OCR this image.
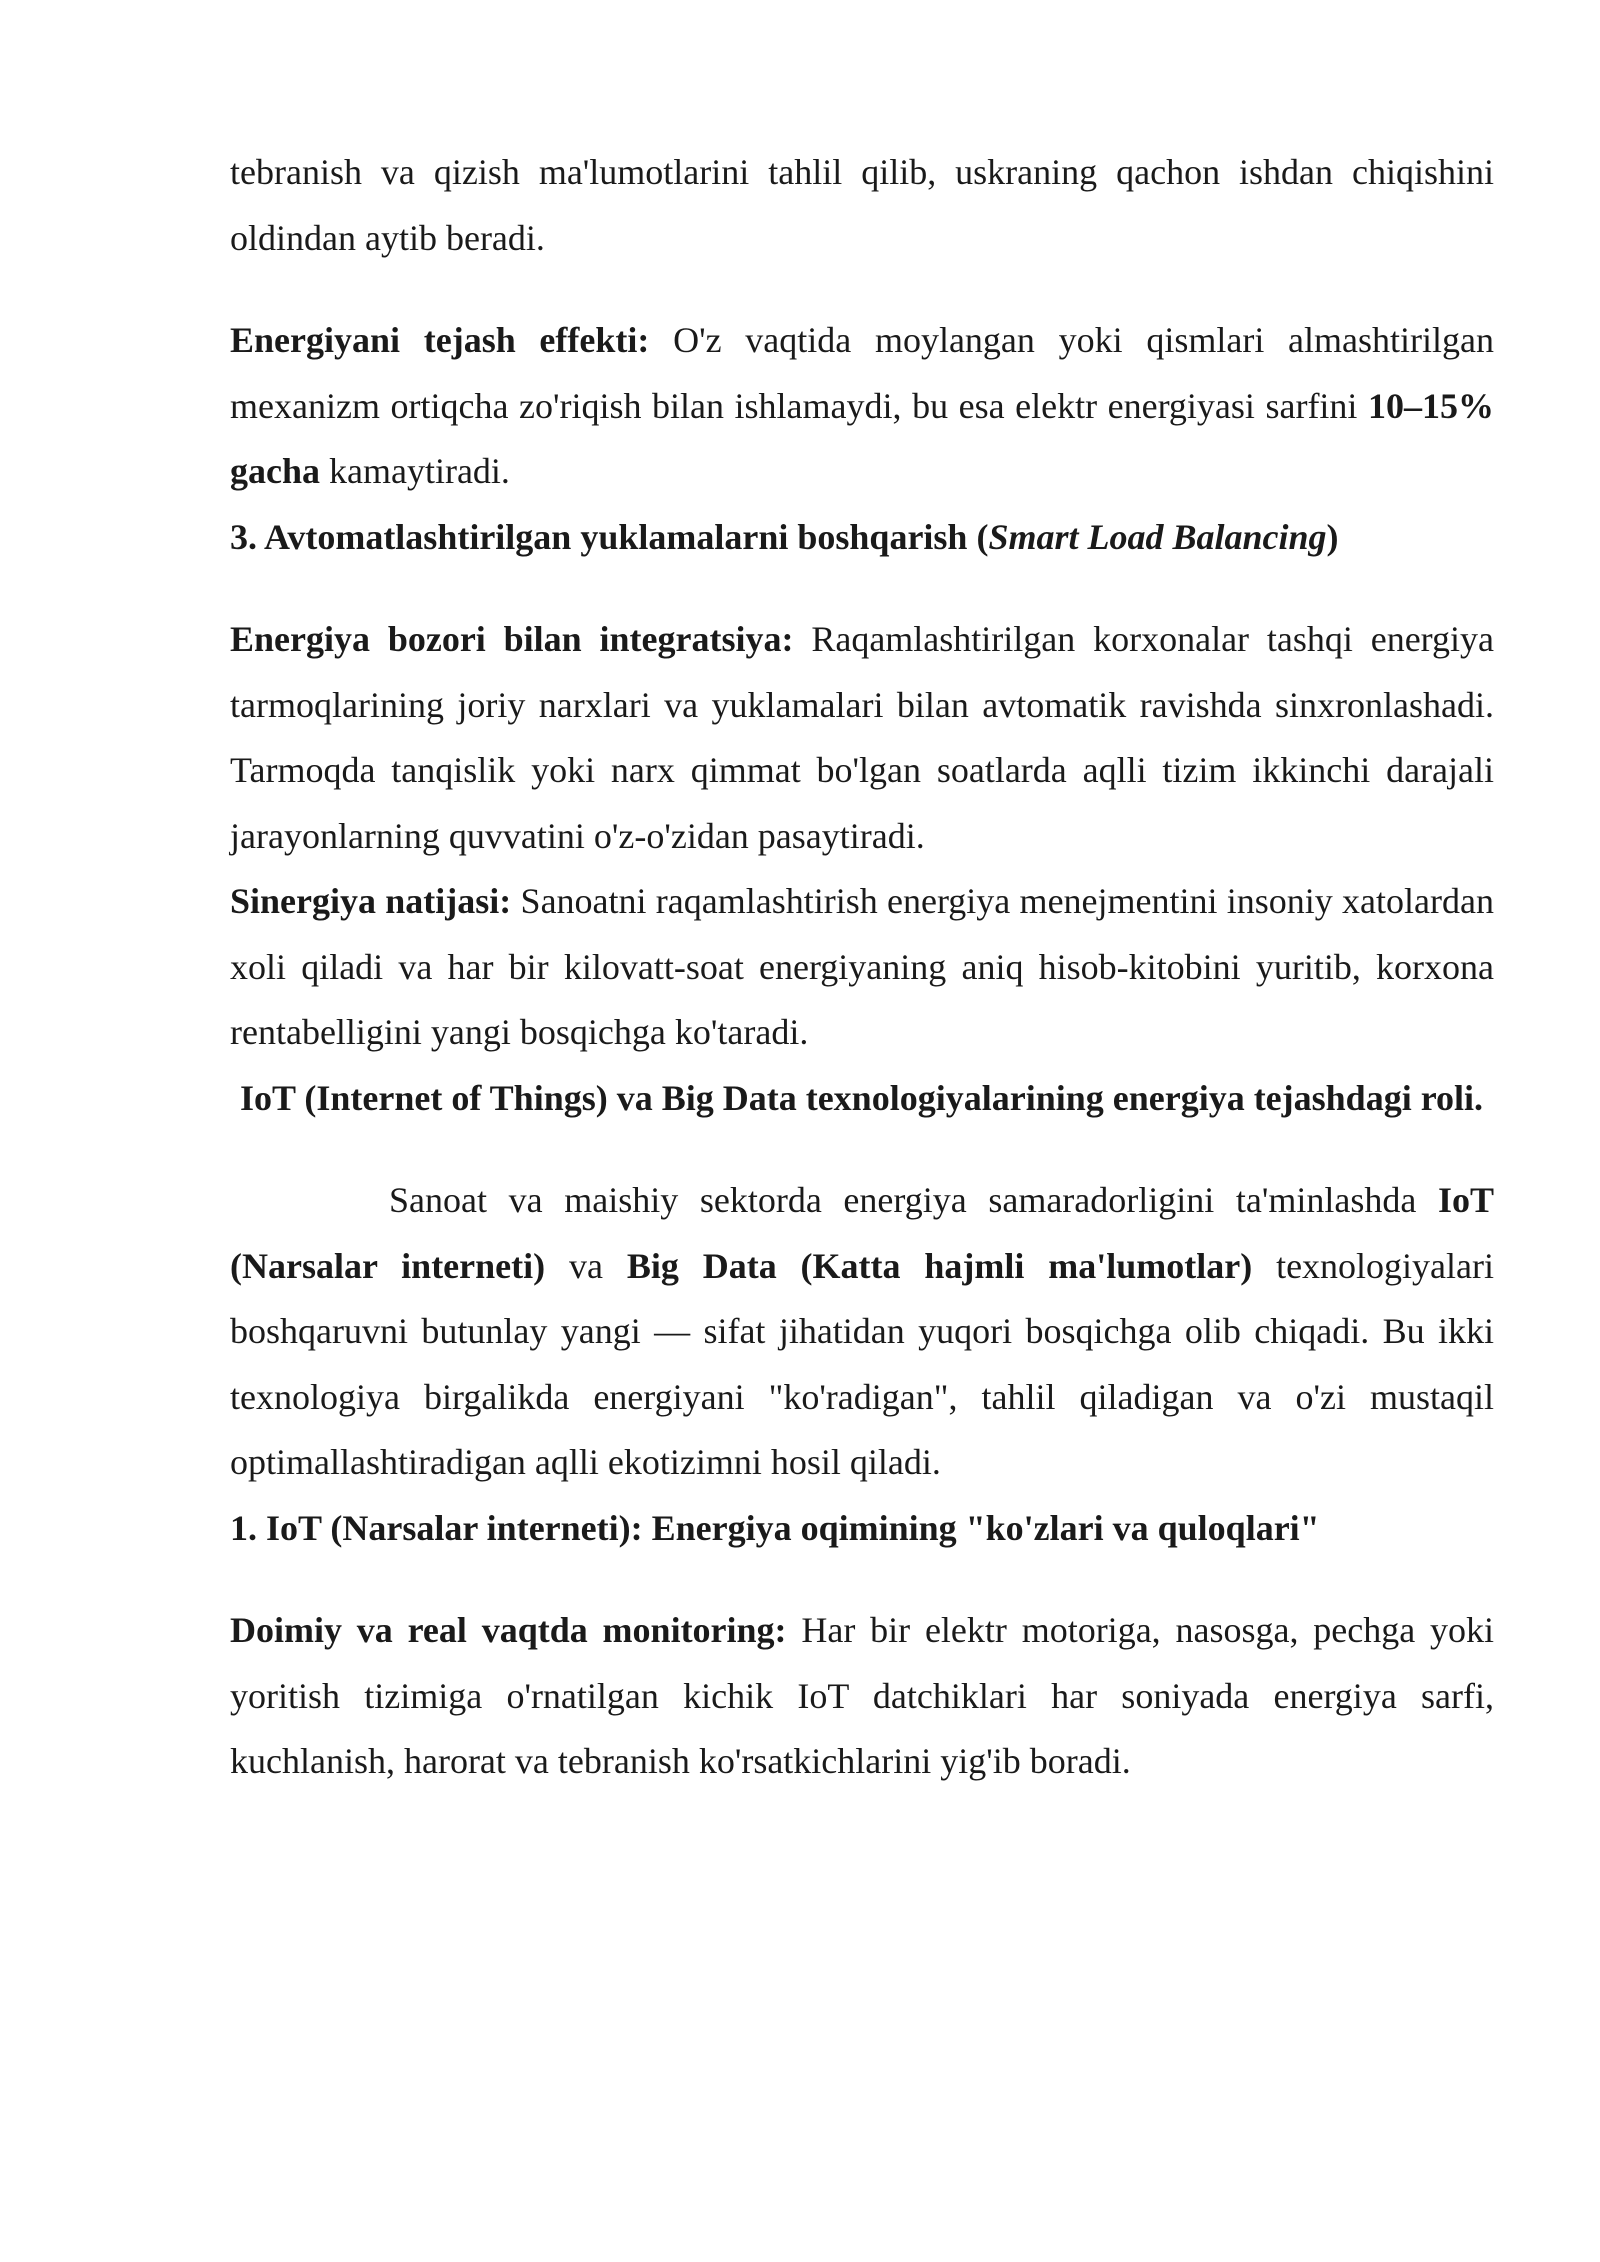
tebranish va qizish ma'lumotlarini tahlil qilib, uskraning qachon ishdan chiqishini oldindan aytib beradi.

Energiyani tejash effekti: O'z vaqtida moylangan yoki qismlari almashtirilgan mexanizm ortiqcha zo'riqish bilan ishlamaydi, bu esa elektr energiyasi sarfini 10–15% gacha kamaytiradi.

3. Avtomatlashtirilgan yuklamalarni boshqarish (Smart Load Balancing)

Energiya bozori bilan integratsiya: Raqamlashtirilgan korxonalar tashqi energiya tarmoqlarining joriy narxlari va yuklamalari bilan avtomatik ravishda sinxronlashadi. Tarmoqda tanqislik yoki narx qimmat bo'lgan soatlarda aqlli tizim ikkinchi darajali jarayonlarning quvvatini o'z-o'zidan pasaytiradi.

Sinergiya natijasi: Sanoatni raqamlashtirish energiya menejmentini insoniy xatolardan xoli qiladi va har bir kilovatt-soat energiyaning aniq hisob-kitobini yuritib, korxona rentabelligini yangi bosqichga ko'taradi.

IoT (Internet of Things) va Big Data texnologiyalarining energiya tejashdagi roli.

Sanoat va maishiy sektorda energiya samaradorligini ta'minlashda IoT (Narsalar interneti) va Big Data (Katta hajmli ma'lumotlar) texnologiyalari boshqaruvni butunlay yangi — sifat jihatidan yuqori bosqichga olib chiqadi. Bu ikki texnologiya birgalikda energiyani "ko'radigan", tahlil qiladigan va o'zi mustaqil optimallashtiradigan aqlli ekotizimni hosil qiladi.

1. IoT (Narsalar interneti): Energiya oqimining "ko'zlari va quloqlari"

Doimiy va real vaqtda monitoring: Har bir elektr motoriga, nasosga, pechga yoki yoritish tizimiga o'rnatilgan kichik IoT datchiklari har soniyada energiya sarfi, kuchlanish, harorat va tebranish ko'rsatkichlarini yig'ib boradi.
